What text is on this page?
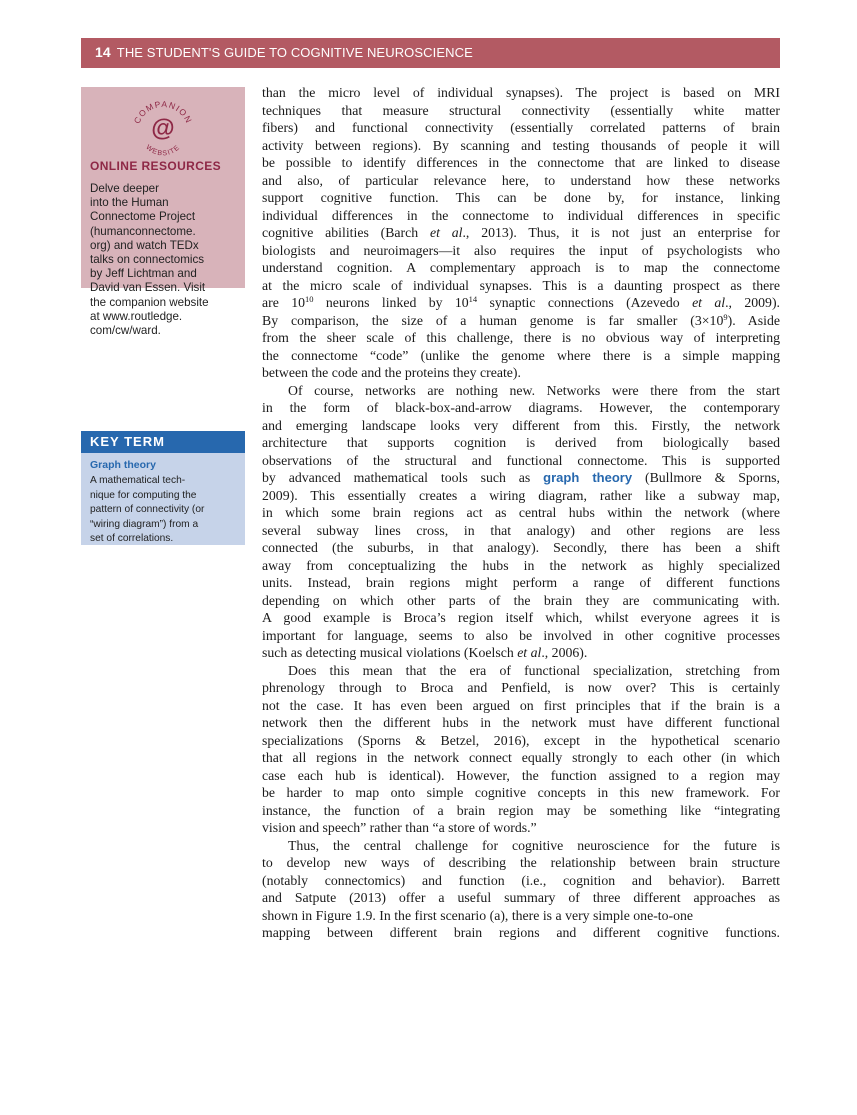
14 THE STUDENT'S GUIDE TO COGNITIVE NEUROSCIENCE
COMPANION
WEBSITE
@
ONLINE RESOURCES
Delve deeper
into the Human
Connectome Project
(humanconnectome.
org) and watch TEDx
talks on connectomics
by Jeff Lichtman and
David van Essen. Visit
the companion website
at www.routledge.
com/cw/ward.
KEY TERM
Graph theory
A mathematical tech-
nique for computing the
pattern of connectivity (or
“wiring diagram”) from a
set of correlations.
than the micro level of individual synapses). The project is based on MRI
techniques that measure structural connectivity (essentially white matter
fibers) and functional connectivity (essentially correlated patterns of brain
activity between regions). By scanning and testing thousands of people it will
be possible to identify differences in the connectome that are linked to disease
and also, of particular relevance here, to understand how these networks
support cognitive function. This can be done by, for instance, linking
individual differences in the connectome to individual differences in specific
cognitive abilities (Barch et al., 2013). Thus, it is not just an enterprise for
biologists and neuroimagers—it also requires the input of psychologists who
understand cognition. A complementary approach is to map the connectome
at the micro scale of individual synapses. This is a daunting prospect as there
are $10^{10}$ neurons linked by $10^{14}$ synaptic connections (Azevedo et al., 2009).
By comparison, the size of a human genome is far smaller $(3\times 10^9)$. Aside
from the sheer scale of this challenge, there is no obvious way of interpreting
the connectome “code” (unlike the genome where there is a simple mapping
between the code and the proteins they create).
Of course, networks are nothing new. Networks were there from the start
in the form of black-box-and-arrow diagrams. However, the contemporary
and emerging landscape looks very different from this. Firstly, the network
architecture that supports cognition is derived from biologically based
observations of the structural and functional connectome. This is supported
by advanced mathematical tools such as graph theory (Bullmore & Sporns,
2009). This essentially creates a wiring diagram, rather like a subway map,
in which some brain regions act as central hubs within the network (where
several subway lines cross, in that analogy) and other regions are less
connected (the suburbs, in that analogy). Secondly, there has been a shift
away from conceptualizing the hubs in the network as highly specialized
units. Instead, brain regions might perform a range of different functions
depending on which other parts of the brain they are communicating with.
A good example is Broca’s region itself which, whilst everyone agrees it is
important for language, seems to also be involved in other cognitive processes
such as detecting musical violations (Koelsch et al., 2006).
Does this mean that the era of functional specialization, stretching from
phrenology through to Broca and Penfield, is now over? This is certainly
not the case. It has even been argued on first principles that if the brain is a
network then the different hubs in the network must have different functional
specializations (Sporns & Betzel, 2016), except in the hypothetical scenario
that all regions in the network connect equally strongly to each other (in which
case each hub is identical). However, the function assigned to a region may
be harder to map onto simple cognitive concepts in this new framework. For
instance, the function of a brain region may be something like “integrating
vision and speech” rather than “a store of words.”
Thus, the central challenge for cognitive neuroscience for the future is
to develop new ways of describing the relationship between brain structure
(notably connectomics) and function (i.e., cognition and behavior). Barrett
and Satpute (2013) offer a useful summary of three different approaches as
shown in Figure 1.9. In the first scenario (a), there is a very simple one-to-one
mapping between different brain regions and different cognitive functions.
